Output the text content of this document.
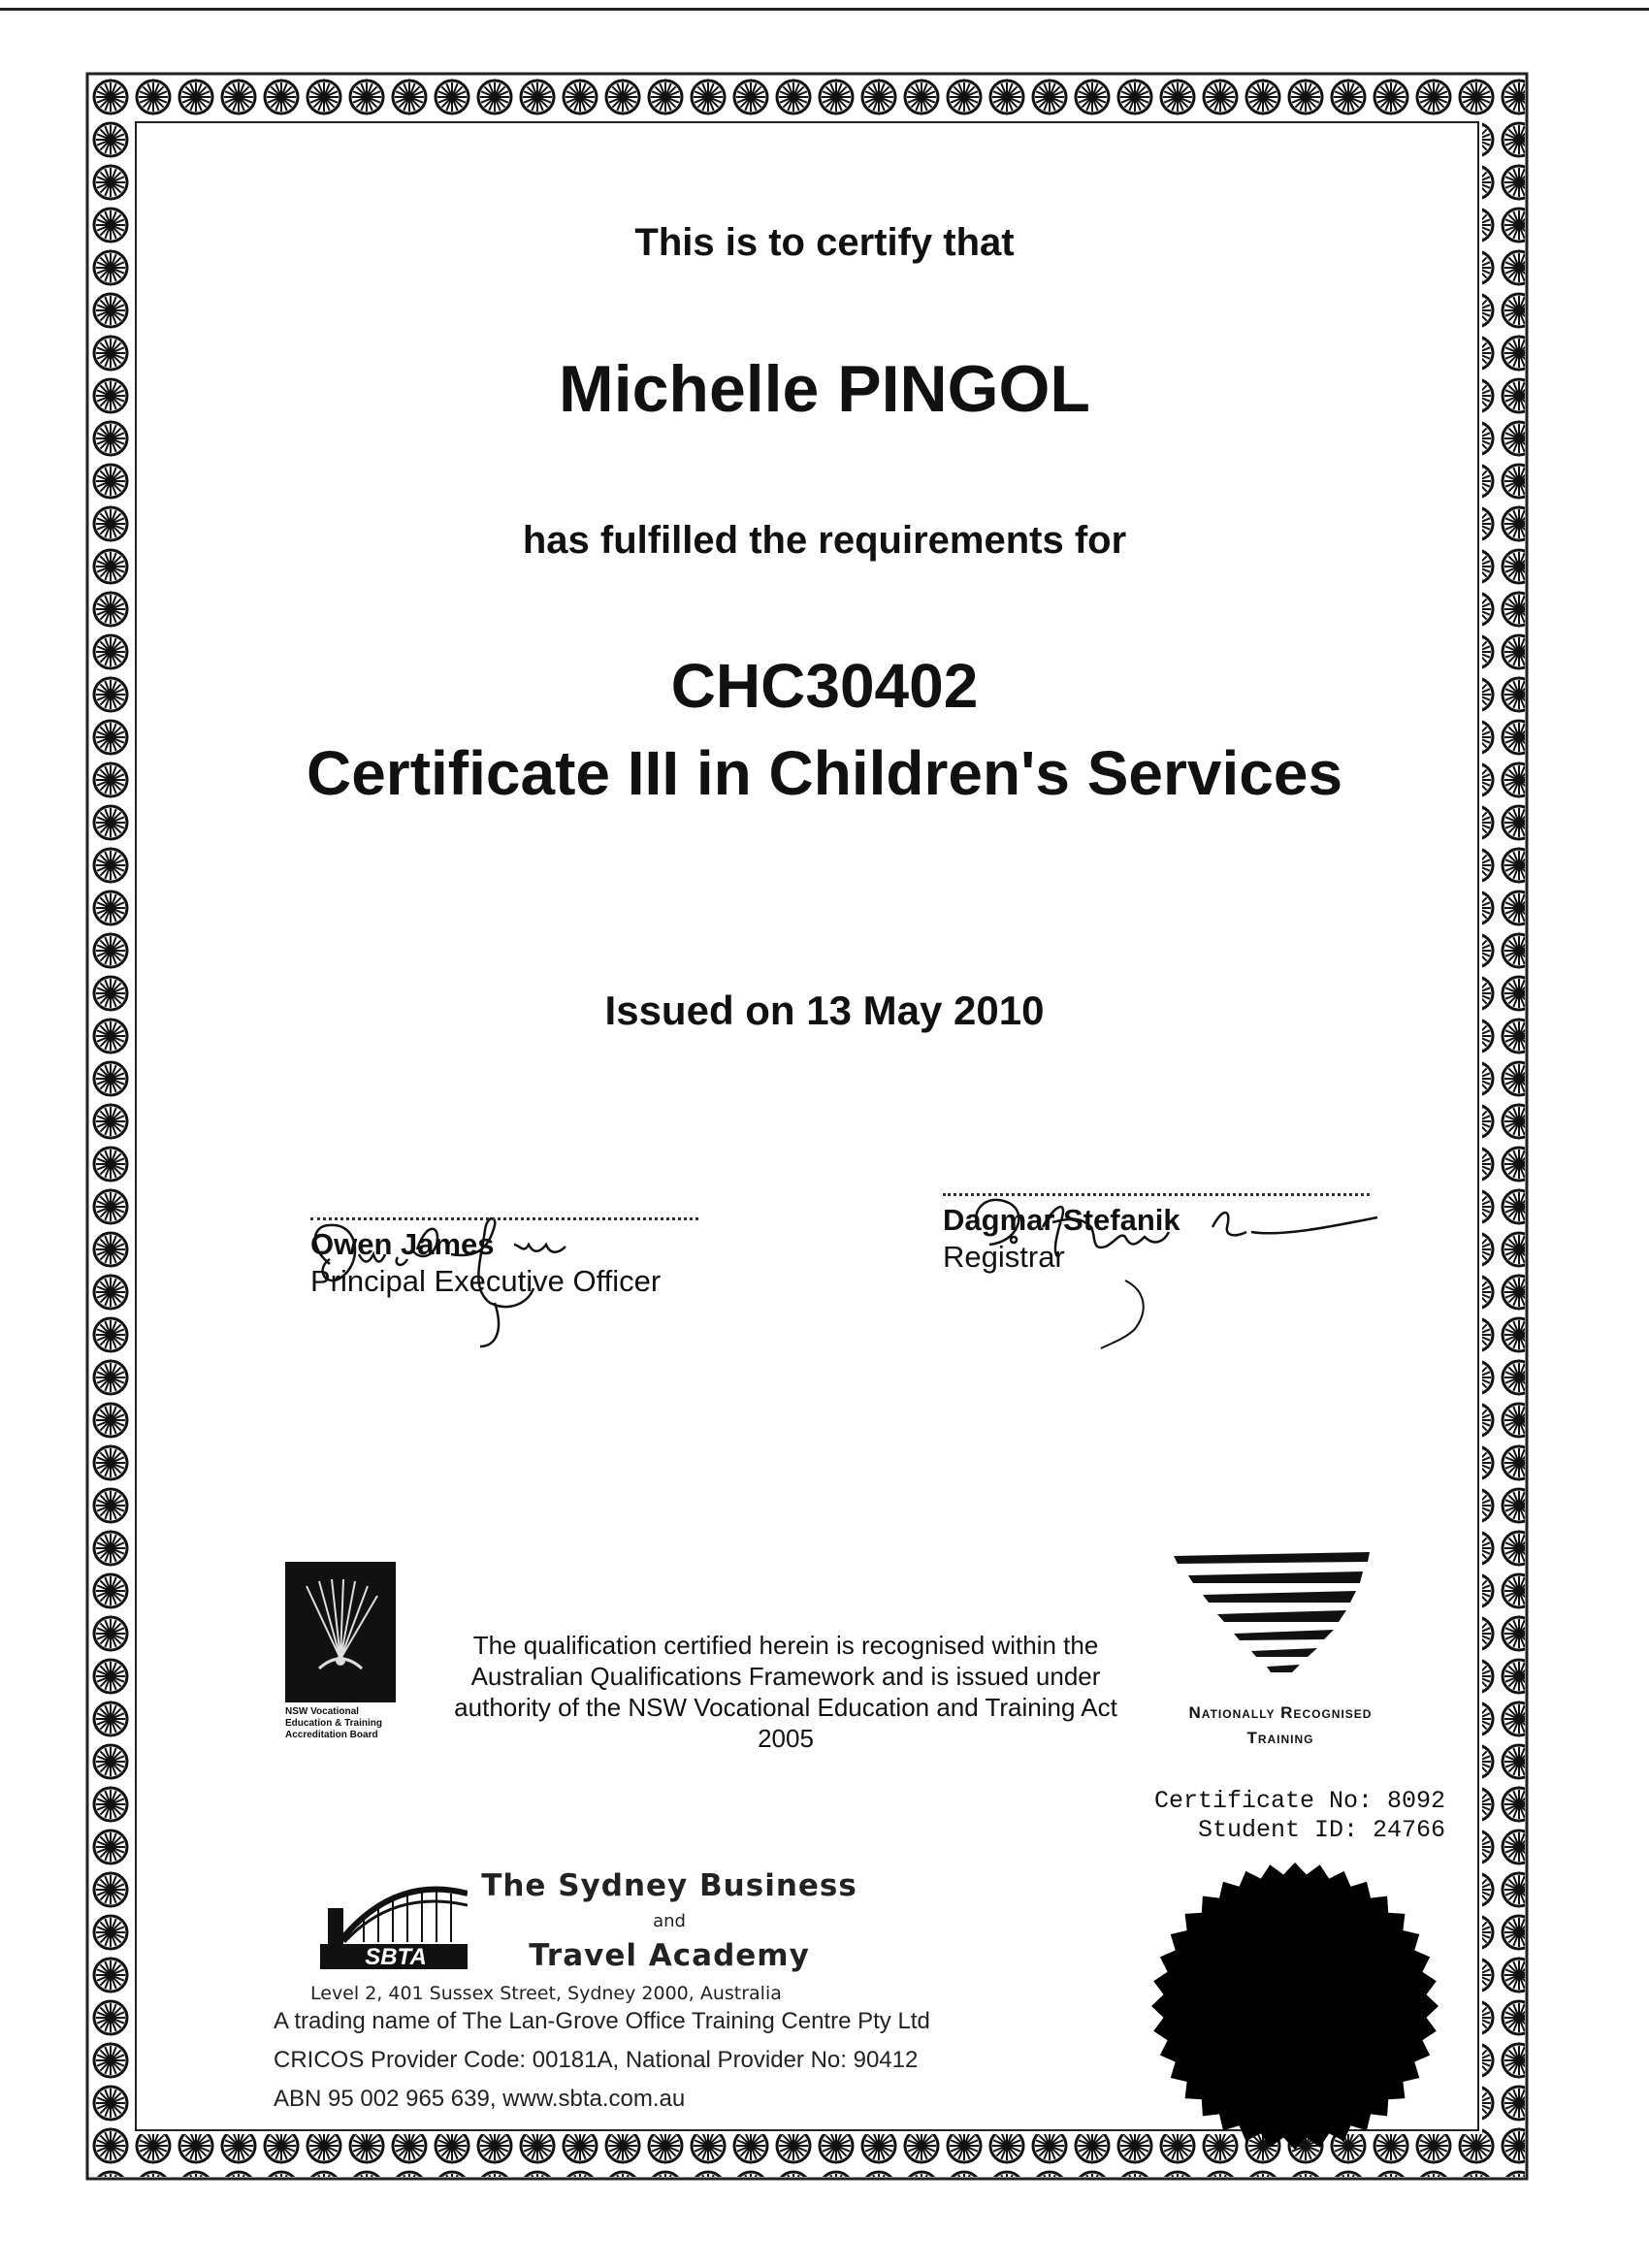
This is to certify that
Michelle PINGOL
has fulfilled the requirements for
CHC30402
Certificate III in Children's Services
Issued on 13 May 2010
Owen James
Principal Executive Officer
Dagmar Stefanik
Registrar
NSW Vocational
Education & Training
Accreditation Board
The qualification certified herein is recognised within the Australian Qualifications Framework and is issued under authority of the NSW Vocational Education and Training Act 2005
Nationally Recognised
Training
Certificate No: 8092
Student ID: 24766
SBTA
The Sydney Business
and
Travel Academy
Level 2, 401 Sussex Street, Sydney 2000, Australia
A trading name of The Lan-Grove Office Training Centre Pty Ltd
CRICOS Provider Code: 00181A, National Provider No: 90412
ABN 95 002 965 639, www.sbta.com.au
